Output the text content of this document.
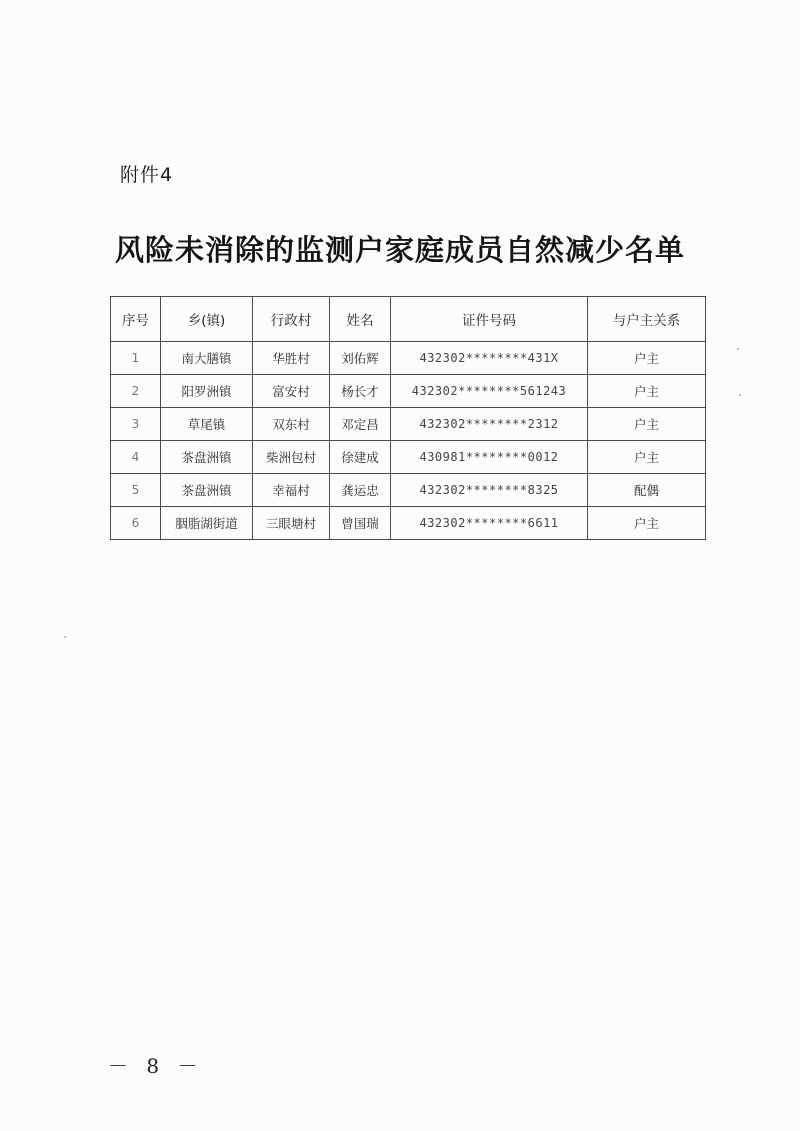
附件4
风险未消除的监测户家庭成员自然减少名单
序号	乡(镇)	行政村	姓名	证件号码	与户主关系
1	南大膳镇	华胜村	刘佑辉	432302********431X	户主
2	阳罗洲镇	富安村	杨长才	432302********561243	户主
3	草尾镇	双东村	邓定昌	432302********2312	户主
4	茶盘洲镇	柴洲包村	徐建成	430981********0012	户主
5	茶盘洲镇	幸福村	龚运忠	432302********8325	配偶
6	胭脂湖街道	三眼塘村	曾国瑞	432302********6611	户主
－ 8 －
